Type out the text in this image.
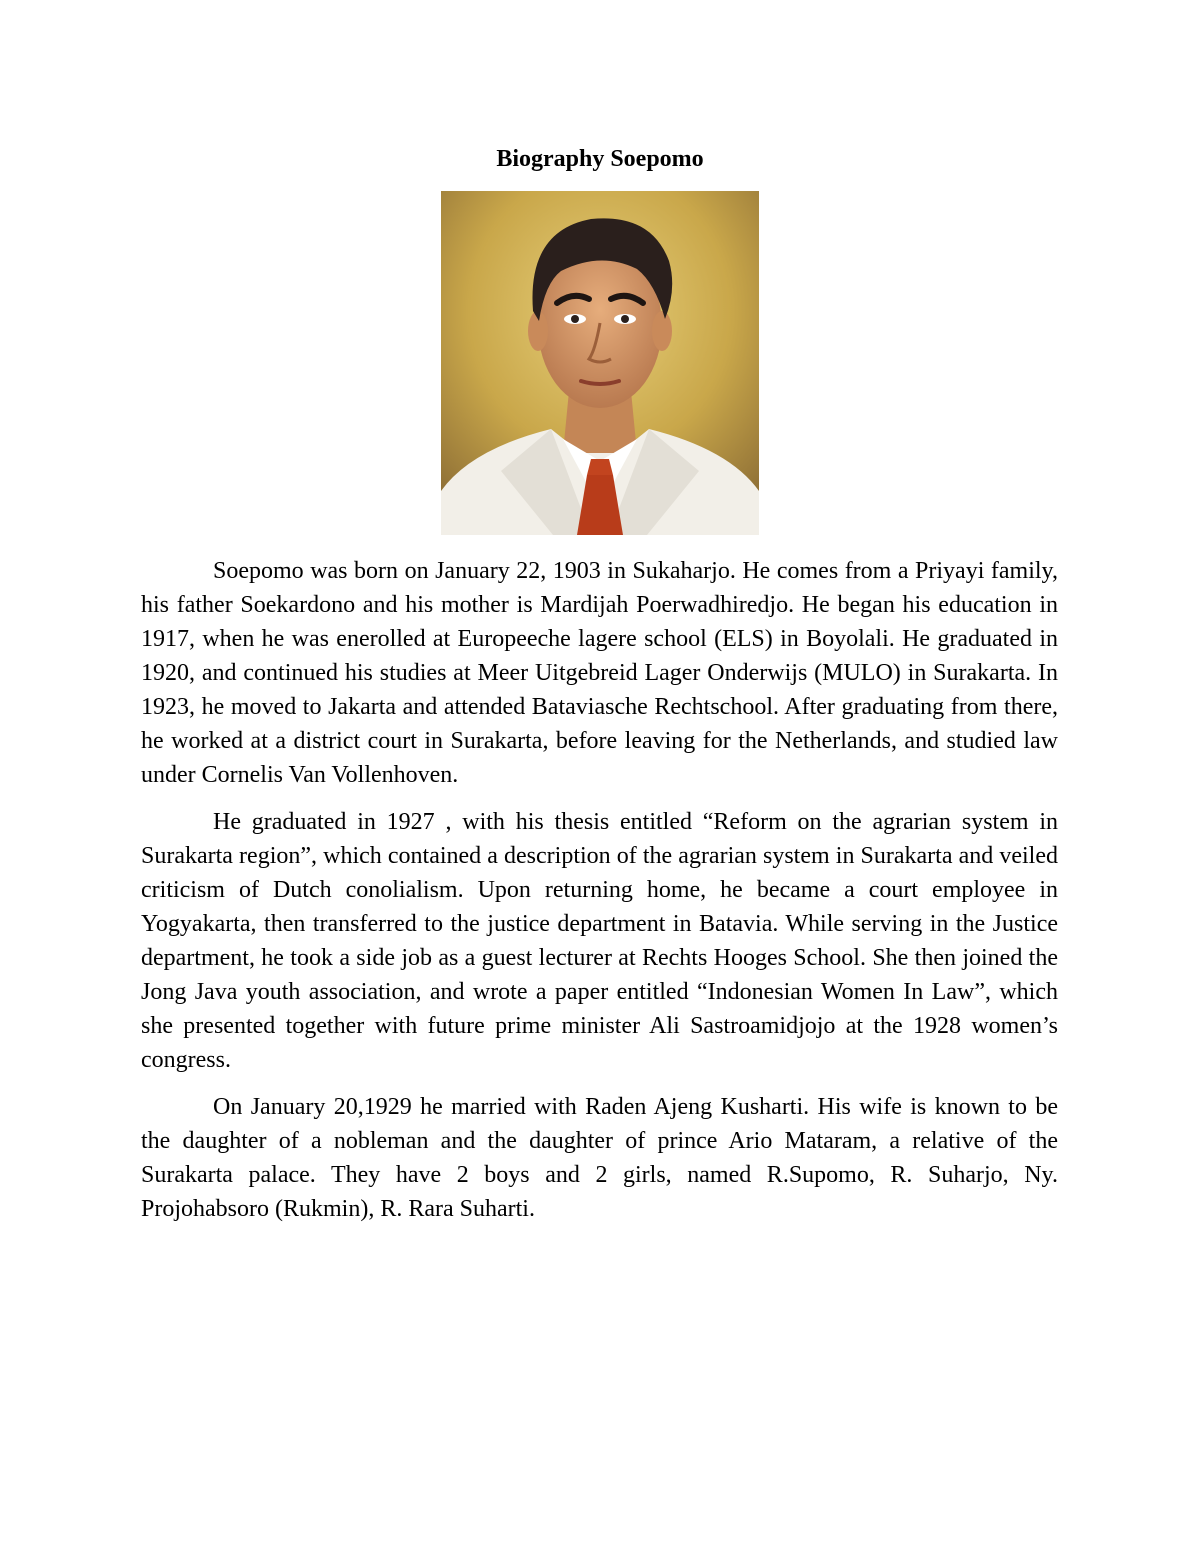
Biography Soepomo

Soepomo was born on January 22, 1903 in Sukaharjo. He comes from a Priyayi family, his father Soekardono and his mother is Mardijah Poerwadhiredjo. He began his education in 1917, when he was enerolled at Europeeche lagere school (ELS) in Boyolali. He graduated in 1920, and continued his studies at Meer Uitgebreid Lager Onderwijs (MULO) in Surakarta. In 1923, he moved to Jakarta and attended Bataviasche Rechtschool. After graduating from there, he worked at a district court in Surakarta, before leaving for the Netherlands, and studied law under Cornelis Van Vollenhoven.

He graduated in 1927 , with his thesis entitled “Reform on the agrarian system in Surakarta region”, which contained a description of the agrarian system in Surakarta and veiled criticism of Dutch conolialism. Upon returning home, he became a court employee in Yogyakarta, then transferred to the justice department in Batavia. While serving in the Justice department, he took a side job as a guest lecturer at Rechts Hooges School. She then joined the Jong Java youth association, and wrote a paper entitled “Indonesian Women In Law”, which she presented together with future prime minister Ali Sastroamidjojo at the 1928 women’s congress.

On January 20,1929 he married with Raden Ajeng Kusharti. His wife is known to be the daughter of a nobleman and the daughter of prince Ario Mataram, a relative of the Surakarta palace. They have 2 boys and 2 girls, named R.Supomo, R. Suharjo, Ny. Projohabsoro (Rukmin), R. Rara Suharti.
